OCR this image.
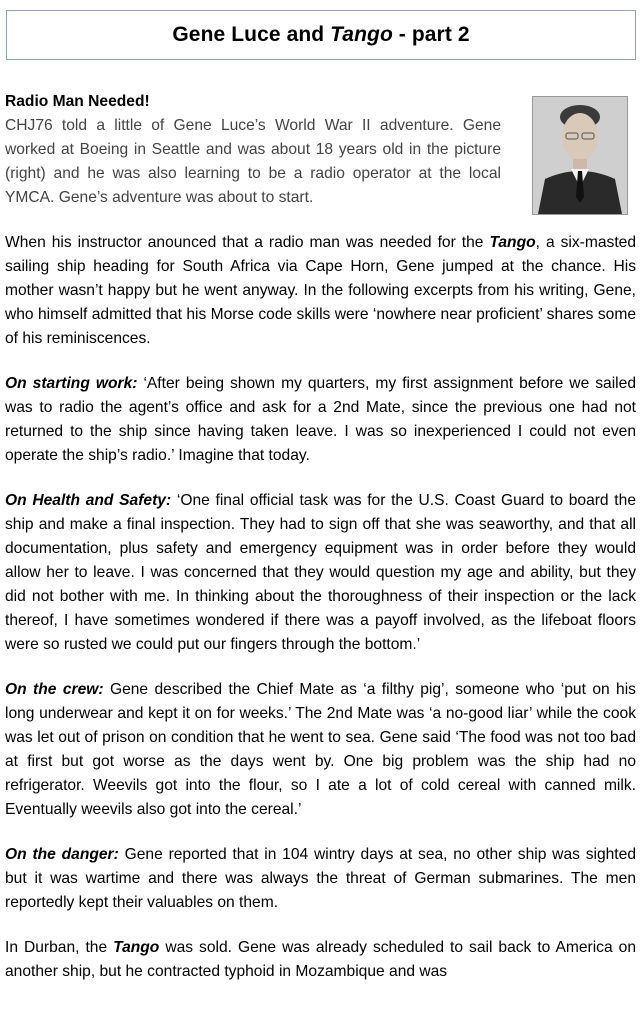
Gene Luce and Tango - part 2
Radio Man Needed!
CHJ76 told a little of Gene Luce’s World War II adventure. Gene worked at Boeing in Seattle and was about 18 years old in the picture (right) and he was also learning to be a radio operator at the local YMCA. Gene’s adventure was about to start.

When his instructor anounced that a radio man was needed for the Tango, a six-masted sailing ship heading for South Africa via Cape Horn, Gene jumped at the chance. His mother wasn’t happy but he went anyway. In the following excerpts from his writing, Gene, who himself admitted that his Morse code skills were ‘nowhere near proficient’ shares some of his reminiscences.

On starting work: ‘After being shown my quarters, my first assignment before we sailed was to radio the agent’s office and ask for a 2nd Mate, since the previous one had not returned to the ship since having taken leave. I was so inexperienced I could not even operate the ship’s radio.’ Imagine that today.

On Health and Safety: ‘One final official task was for the U.S. Coast Guard to board the ship and make a final inspection. They had to sign off that she was seaworthy, and that all documentation, plus safety and emergency equipment was in order before they would allow her to leave. I was concerned that they would question my age and ability, but they did not bother with me. In thinking about the thoroughness of their inspection or the lack thereof, I have sometimes wondered if there was a payoff involved, as the lifeboat floors were so rusted we could put our fingers through the bottom.’

On the crew: Gene described the Chief Mate as ‘a filthy pig’, someone who ‘put on his long underwear and kept it on for weeks.’ The 2nd Mate was ‘a no-good liar’ while the cook was let out of prison on condition that he went to sea. Gene said ‘The food was not too bad at first but got worse as the days went by. One big problem was the ship had no refrigerator. Weevils got into the flour, so I ate a lot of cold cereal with canned milk. Eventually weevils also got into the cereal.’

On the danger: Gene reported that in 104 wintry days at sea, no other ship was sighted but it was wartime and there was always the threat of German submarines. The men reportedly kept their valuables on them.

In Durban, the Tango was sold. Gene was already scheduled to sail back to America on another ship, but he contracted typhoid in Mozambique and was
